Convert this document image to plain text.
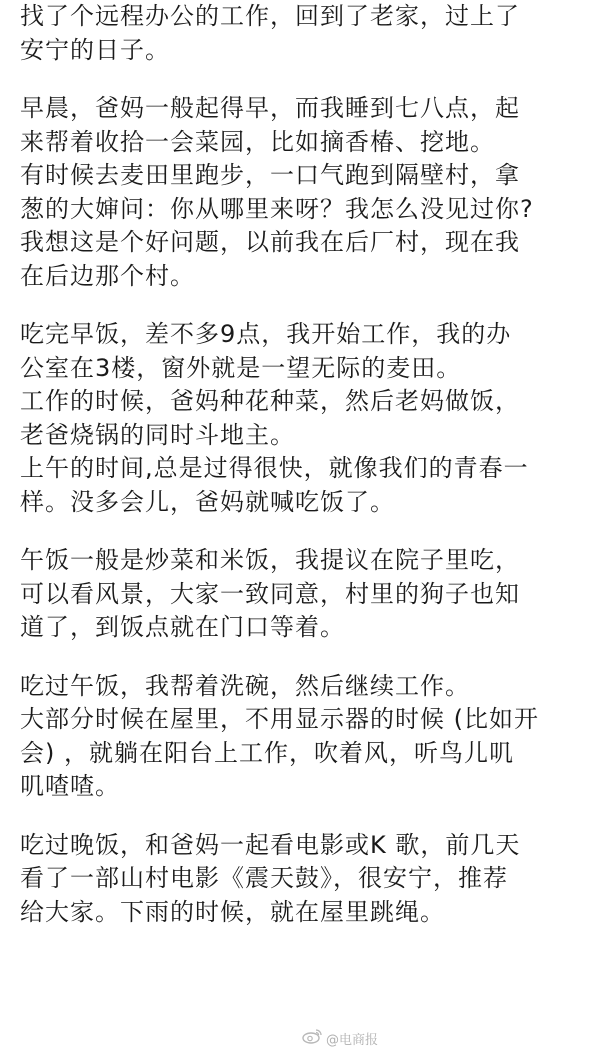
找了个远程办公的工作，回到了老家，过上了
安宁的日子。
早晨，爸妈一般起得早，而我睡到七八点，起
来帮着收拾一会菜园，比如摘香椿、挖地。
有时候去麦田里跑步，一口气跑到隔壁村，拿
葱的大婶问：你从哪里来呀？我怎么没见过你?
我想这是个好问题，以前我在后厂村，现在我
在后边那个村。
吃完早饭，差不多9点，我开始工作，我的办
公室在3楼，窗外就是一望无际的麦田。
工作的时候，爸妈种花种菜，然后老妈做饭，
老爸烧锅的同时斗地主。
上午的时间,总是过得很快，就像我们的青春一
样。没多会儿，爸妈就喊吃饭了。
午饭一般是炒菜和米饭，我提议在院子里吃，
可以看风景，大家一致同意，村里的狗子也知
道了，到饭点就在门口等着。
吃过午饭，我帮着洗碗，然后继续工作。
大部分时候在屋里，不用显示器的时候 (比如开
会) ，就躺在阳台上工作，吹着风，听鸟儿叽
叽喳喳。
吃过晚饭，和爸妈一起看电影或K 歌，前几天
看了一部山村电影《震天鼓》，很安宁，推荐
给大家。下雨的时候，就在屋里跳绳。
@电商报
